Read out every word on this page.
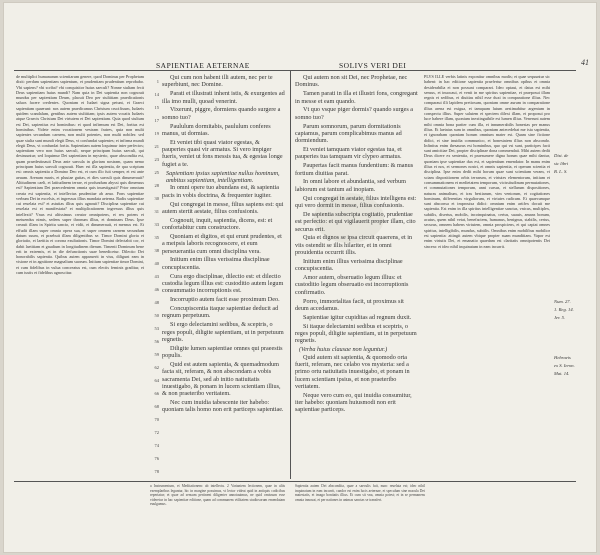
SAPIENTIAE AETERNAE	SOLIVS VERI DEI	41

de multiplici humanarum scientiarum genere, quod Dominus per Prophetam dixit: perdam sapientiam sapientum, et prudentiam prudentium reprobabo. Vbi sapiens? vbi scriba? vbi conquisitor huius saeculi? Nonne stultam fecit Deus sapientiam huius mundi? Nam quia in Dei sapientia non cognouit mundus per sapientiam Deum, placuit Deo per stultitiam praedicationis saluos facere credentes. Quoniam et Iudaei signa petunt, et Graeci sapientiam quaerunt: nos autem praedicamus Christum crucifixum, Iudaeis quidem scandalum, gentibus autem stultitiam; ipsis autem vocatis Iudaeis atque Graecis Christum Dei virtutem et Dei sapientiam. Quia quod stultum est Dei, sapientius est hominibus: et quod infirmum est Dei, fortius est hominibus. Videte enim vocationem vestram fratres, quia non multi sapientes secundum carnem, non multi potentes, non multi nobiles: sed quae stulta sunt mundi elegit Deus, vt confundat sapientes; et infirma mundi elegit Deus, vt confundat fortia. Sapientiam autem loquimur inter perfectos; sapientiam vero non huius saeculi, neque principum huius saeculi, qui destruuntur; sed loquimur Dei sapientiam in mysterio, quae abscondita est, quam praedestinauit Deus ante saecula in gloriam nostram, quam nemo principum huius saeculi cognouit. Haec est illa sapientia, de qua scriptum est: omnis sapientia a Domino Deo est, et cum illo fuit semper, et est ante aeuum. Arenam maris, et pluuiae guttas, et dies saeculi quis dinumerauit? Altitudinem caeli, et latitudinem terrae, et profundum abyssi quis dimensus est? Sapientiam Dei praecedentem omnia quis inuestigauit? Prior omnium creata est sapientia, et intellectus prudentiae ab aeuo. Fons sapientiae verbum Dei in excelsis, et ingressus illius mandata aeterna. Radix sapientiae cui reuelata est? et astutias illius quis agnouit? Disciplina sapientiae cui reuelata est et manifestata? et multiplicationem ingressus illius quis intellexit? Vnus est altissimus creator omnipotens, et rex potens et metuendus nimis, sedens super thronum illius, et dominans Deus. Ipse creauit illam in Spiritu sancto, et vidit, et dinumerauit, et mensus est. Et effudit illam super omnia opera sua, et super omnem carnem secundum datum suum, et praebuit illam diligentibus se. Timor Domini gloria et gloriatio, et laetitia et corona exultationis. Timor Domini delectabit cor, et dabit laetitiam et gaudium in longitudinem dierum. Timenti Dominum bene erit in extremis, et in die defunctionis suae benedicetur. Dilectio Dei honorabilis sapientia. Quibus autem apparuerit in visu, diligunt eam in visione et in agnitione magnalium suorum. Initium sapientiae timor Domini, et cum fidelibus in vulua concreatus est, cum electis feminis graditur, et cum iustis et fidelibus agnoscitur.

1
14
15
17
19
21
23
25
28
30
31
33
35
38
40
43
46
48
50
53
56
59
62
64
66
68
70
72
74
76
78

Qui cum non habent illi autem, nec per te superbiunt, nec Domine.

Parati et illustrati inhent istis, & exurgentes ad illa imo mulli, quoad venerint.

Vixerunt, piggre, dormiens quando surgere a somno tuo?

Paululum dormitabis, paululum conferes manus, ut dormias.

Et veniet tibi quasi viator egestas, & pauperies quasi vir armatus. Si vero impiger fueris, veniet ut fons messis tua, & egestas longe fugiet a te.

Sapientiam ipsius sapientiae nullus hominum, ambitus sapientiam, intelligentiam.

In omni opere tuo abundans est, & sapientia pacis in vobis doctrina, & frequenter iugiter.

Qui congregat in messe, filius sapiens est: qui autem stertit aestate, filius confusionis.

Cognouit, inquit, sapientia, dicens, est: et confortabitur cum constructore.

Quoniam et digitos, et qui erunt prudentes, et a meipsis laboris recognoscere, et eum perseuerantia cum omni disciplina vera.

Initium enim illius verissima disciplinae concupiscentia.

Cura ergo disciplinae, dilectio est: et dilectio custodia legum illius est: custoditio autem legum consummatio incorruptionis est.

Incorruptio autem facit esse proximum Deo.

Concupiscentia itaque sapientiae deducit ad regnum perpetuum.

Si ergo delectamini sedibus, & sceptris, o reges populi, diligite sapientiam, ut in perpetuum regnetis.

Diligite lumen sapientiae omnes qui praeestis populis.

Quid est autem sapientia, & quemadmodum facta sit, referam, & non abscondam a vobis sacramenta Dei, sed ab initio natiuitatis inuestigabo, & ponam in lucem scientiam illius, & non praeteribo veritatem.

Nec cum inuidia tabescente iter habebo: quoniam talis homo non erit particeps sapientiae.

Qui autem non sit Dei, nec Prophetae, nec Dominus.

Tamen parati in illa et illustri fons, congregant in messe et eam quando.

Vt quo vsque piger dormis? quando surges a somno tuo?

Parum somnorum, parum dormitationis capiamus, parum complicabimus manus ad dormiendum.

Et veniet tamquam viator egestas tua, et pauperies tua tamquam vir clypeo armatus.

Paupertas facit manus fundentium: & manus fortium diuitias parat.

In omni labore et abundantia, sed verbum labiorum est tantum ad inopiam.

Qui congregat in aestate, filius intelligens est: qui vero dormit in messe, filius confusionis.

De sapientia subscripta cogitatio, prudentiae est perfectio: et qui vigilauerit propter illam, cito securus erit.

Quia et dignos se ipsa circuit quaerens, et in viis ostendit se illis hilariter, et in omni prouidentia occurrit illis.

Initium enim illius verissima disciplinae concupiscentia.

Amor autem, obseruatio legum illius: et custoditio legum obseruatio est incorruptionis confirmatio.

Porro, immortalitas facit, ut proximus sit deum accedamus.

Sapientiae igitur cupiditas ad regnum duxit.

Si itaque delectamini sedibus et sceptris, o reges populi, diligite sapientiam, ut in perpetuum regnetis.

(Verba huius clausae non leguntur.)

Quid autem sit sapientia, & quomodo orta fuerit, referam, nec celabo vos mysteria: sed a primo ortu natiuitatis inuestigabo, et ponam in lucem scientiam ipsius, et non praeteribo veritatem.

Neque vero cum eo, qui inuidia consumitur, iter habebo: quoniam huiusmodi non erit sapientiae particeps.

PLVS ILLE verbis latinis exponitur omnibus modis; et quae sequuntur sic habent: in hac editione sapientia praefertur omnibus opibus et omnia desiderabilia ei non possunt comparari. Ideo optaui, et datus est mihi sensus, et inuocaui, et venit in me spiritus sapientiae, et praeposui illam regnis et sedibus, et diuitias nihil esse duxi in comparatione illius. Nec comparaui illi lapidem pretiosum, quoniam omne aurum in comparatione illius arena est exigua, et tamquam lutum aestimabitur argentum in conspectu illius. Super salutem et speciem dilexi illam, et proposui pro luce habere illam, quoniam inextinguibile est lumen illius. Venerunt autem mihi omnia bona pariter cum illa, et innumerabilis honestas per manus illius. Et laetatus sum in omnibus, quoniam antecedebat me ista sapientia, et ignorabam quoniam horum omnium mater est. Quam sine fictione didici, et sine inuidia communico, et honestatem illius non abscondo. Infinitus enim thesaurus est hominibus, quo qui vsi sunt, participes facti sunt amicitiae Dei, propter disciplinae dona commendati. Mihi autem dedit Deus dicere ex sententia, et praesumere digna horum quae mihi dantur, quoniam ipse sapientiae dux est, et sapientium emendator. In manu enim illius et nos, et sermones nostri, et omnis sapientia, et operum scientia et disciplina. Ipse enim dedit mihi horum quae sunt scientiam veram, vt sciam dispositionem orbis terrarum, et virtutes elementorum, initium et consummationem et medietatem temporum, vicissitudinum permutationes, et commutationes temporum, anni cursus, et stellarum dispositiones, naturas animalium, et iras bestiarum, vim ventorum, et cogitationes hominum, differentias virgultorum, et virtutes radicum. Et quaecumque sunt absconsa et improuisa didici: omnium enim artifex docuit me sapientia. Est enim in illa spiritus intelligentiae sanctus, vnicus, multiplex, subtilis, disertus, mobilis, incoinquinatus, certus, suauis, amans bonum, acutus, quem nihil vetat, benefaciens, humanus, benignus, stabilis, certus, securus, omnem habens virtutem, omnia prospiciens, et qui capiat omnes spiritus, intelligibilis, mundus, subtilis. Omnibus enim mobilibus mobilior est sapientia: attingit autem vbique propter suam munditiam. Vapor est enim virtutis Dei, et emanatio quaedam est claritatis omnipotentis Dei sincera: et ideo nihil inquinatum in eam incurrit.

Dist. de
sic libri
B. L. S.
Num. 27.
1. Reg. 14.
Jer. 5.
Hebraeis
ex S. Ieron.
Mat. 14.
a Instrumentum, et Meditationem: ab intellectu. 2 Variantem lectionem, quae in aliis exemplaribus leguntur, hic in margine posuimus, vt lector videat quid in antiquis codicibus reperiatur; et quae ad sensum pertinent diligenter annotauimus, ne quid omissum esse videretur in hac sapientiae editione, quam ad communem vtilitatem studiosorum emendatam euulgamus.
Sapientia autem Dei abscondita, quae a saeculis fuit, nunc reuelata est; ideo nihil inquinatum in eam incurrit, candor est enim lucis aeternae, et speculum sine macula Dei maiestatis, et imago bonitatis illius. Et cum sit vna, omnia potest; et in se permanens omnia innouat, et per nationes in animas sanctas se transfert.
